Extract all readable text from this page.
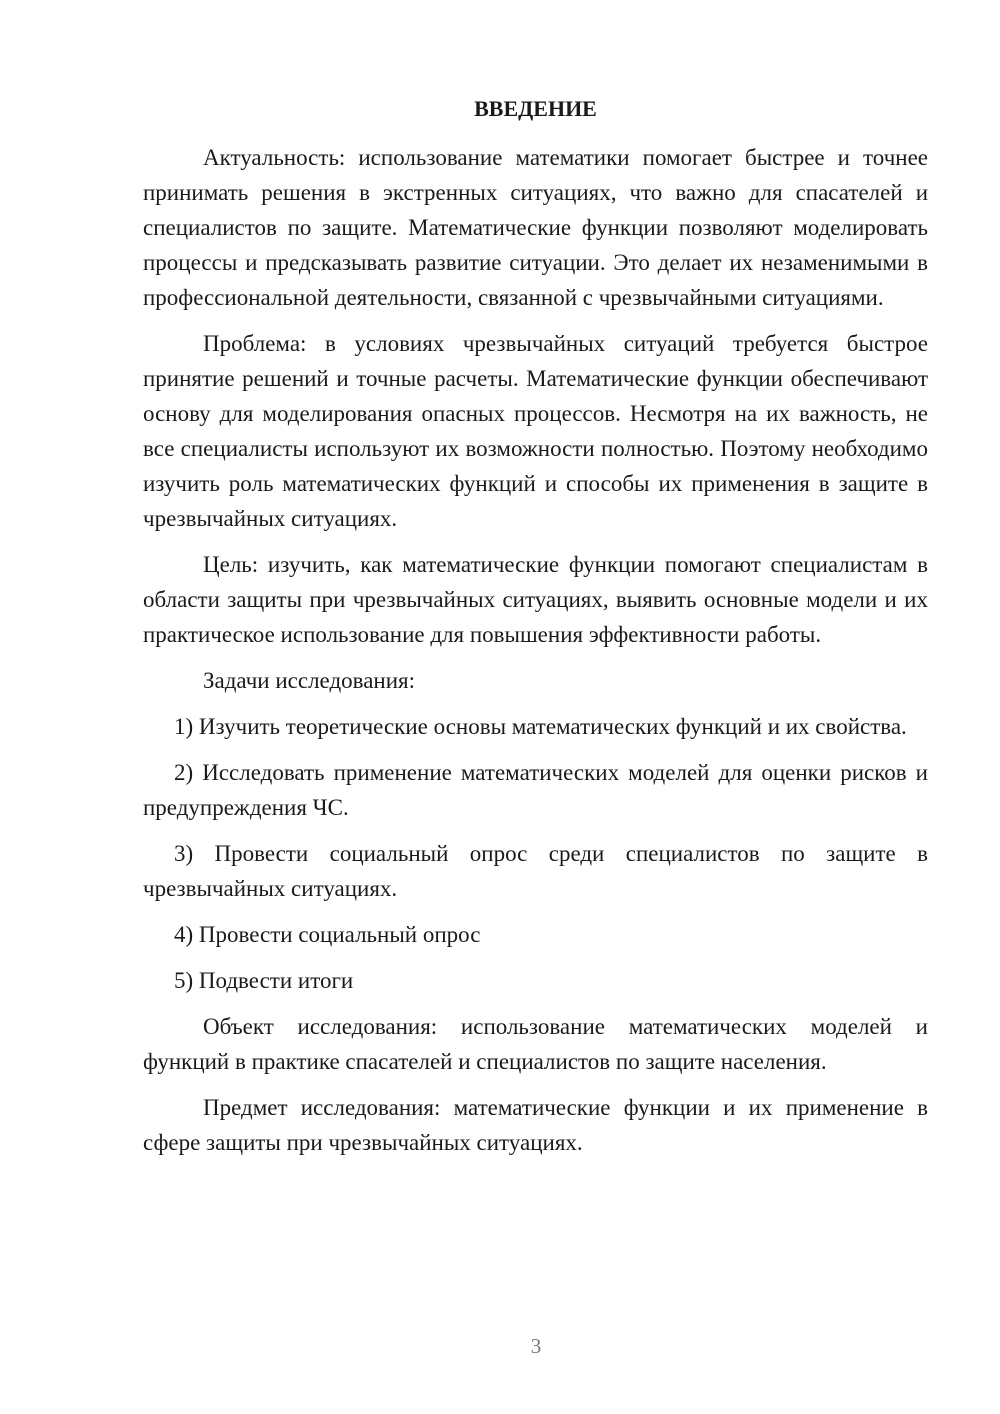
ВВЕДЕНИЕ

Актуальность: использование математики помогает быстрее и точнее принимать решения в экстренных ситуациях, что важно для спасателей и специалистов по защите. Математические функции позволяют моделировать процессы и предсказывать развитие ситуации. Это делает их незаменимыми в профессиональной деятельности, связанной с чрезвычайными ситуациями.

Проблема: в условиях чрезвычайных ситуаций требуется быстрое принятие решений и точные расчеты. Математические функции обеспечивают основу для моделирования опасных процессов. Несмотря на их важность, не все специалисты используют их возможности полностью. Поэтому необходимо изучить роль математических функций и способы их применения в защите в чрезвычайных ситуациях.

Цель: изучить, как математические функции помогают специалистам в области защиты при чрезвычайных ситуациях, выявить основные модели и их практическое использование для повышения эффективности работы.

Задачи исследования:

1) Изучить теоретические основы математических функций и их свойства.

2) Исследовать применение математических моделей для оценки рисков и предупреждения ЧС.

3) Провести социальный опрос среди специалистов по защите в чрезвычайных ситуациях.

4) Провести социальный опрос

5) Подвести итоги

Объект исследования: использование математических моделей и функций в практике спасателей и специалистов по защите населения.

Предмет исследования: математические функции и их применение в сфере защиты при чрезвычайных ситуациях.

3
